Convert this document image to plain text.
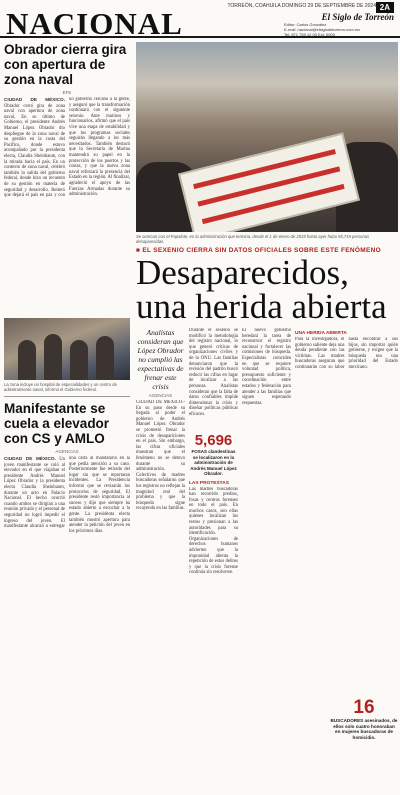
NACIONAL	TORREÓN, COAHUILA DOMINGO 29 DE SEPTIEMBRE DE 2024 2A
El Siglo de Torreón
Editor: Carlos González
E-mail: nacional@elsiglodetorreon.com.mx
Tel: 871 759 12 00 Ext. 0000
Obrador cierra gira con apertura de zona naval
EFE
CIUDAD DE MÉXICO. Obrador cerró gira de zona naval con apertura de zona naval, En su último de Gobierno, el presidente Andrés Manuel López Obrador dio despliegue de la zona naval de su gestión en la costa del Pacífico, donde estuvo acompañado por la presidenta electa, Claudia Sheinbaum, con la mirada hacia el país. En un contexto de zona naval, celebró también la salida del gobierno federal, donde hizo un recuento de su gestión en materia de seguridad y desarrollo. Reiteró que dejará el país en paz y con un gobierno cercano a la gente, y aseguró que la transformación continuará con el siguiente sexenio. Ante marinos y funcionarios, afirmó que el país vive una etapa de estabilidad y que los programas sociales seguirán llegando a los más necesitados. También destacó que la Secretaría de Marina mantendrá su papel en la protección de los puertos y las costas, y que la nueva zona naval reforzará la presencia del Estado en la región. Al finalizar, agradeció el apoyo de las Fuerzas Armadas durante su administración.
La zona incluye un hospital de especialidades y un centro de adiestramiento naval, informó el Gobierno federal.
Manifestante se cuela a elevador con CS y AMLO
AGENCIAS
CIUDAD DE MÉXICO. Un joven manifestante se coló al elevador en el que viajaban el presidente Andrés Manuel López Obrador y la presidenta electa Claudia Sheinbaum, durante un acto en Palacio Nacional. El hecho ocurrió cuando ambos se dirigían a una reunión privada y el personal de seguridad no logró impedir el ingreso del joven. El manifestante alcanzó a entregar una carta al mandatario en la que pedía atención a su caso. Posteriormente fue retirado del lugar sin que se reportaran incidentes. La Presidencia informó que se revisarán los protocolos de seguridad. El presidente restó importancia al suceso y dijo que siempre ha estado abierto a escuchar a la gente. La presidenta electa también mostró apertura para atender la petición del joven en los próximos días.
Se acercan con el Papalote, en la administración que termina, desde el 1 de enero de 2019 hasta ayer hubo 55,719 personas desaparecidas.
■ EL SEXENIO CIERRA SIN DATOS OFICIALES SOBRE ESTE FENÓMENO
Desaparecidos, una herida abierta
Analistas consideran que López Obrador no cumplió las expectativas de frenar este crisis
AGENCIAS
CIUDAD DE MÉXICO.- En su paso desde su llegada al poder el gobierno de Andrés Manuel López Obrador se prometió frenar la crisis de desapariciones en el país. Sin embargo, las cifras oficiales muestran que el fenómeno no se detuvo durante su administración. Colectivos de madres buscadoras señalaron que los registros no reflejan la magnitud real del problema y que la búsqueda sigue recayendo en las familias.
Durante el sexenio se modificó la metodología del registro nacional, lo que generó críticas de organizaciones civiles y de la ONU. Las familias denunciaron que la revisión del padrón buscó reducir las cifras en lugar de localizar a las personas. Analistas consideran que la falta de datos confiables impide dimensionar la crisis y diseñar políticas públicas eficaces.
5,696
FOSAS clandestinas se localizaron en la administración de Andrés Manuel López Obrador.
LAS PROTESTAS
Las madres buscadoras han recorrido predios, fosas y centros forenses en todo el país. En muchos casos, son ellas quienes localizan los restos y presionan a las autoridades para su identificación. Organizaciones de derechos humanos advierten que la impunidad alienta la repetición de estos delitos y que la crisis forense continúa sin resolverse.
El nuevo gobierno heredará la tarea de reconstruir el registro nacional y fortalecer las comisiones de búsqueda. Especialistas coinciden en que se requiere voluntad política, presupuesto suficiente y coordinación entre estados y federación para atender a las familias que siguen esperando respuestas.
UNA HERIDA ABIERTA
Para la investigadora, el gobierno saliente deja una deuda pendiente con las víctimas. Las madres buscadoras aseguran que continuarán con su labor hasta encontrar a sus hijos, sin importar quién gobierne, y exigen que la búsqueda sea una prioridad del Estado mexicano.
16
BUSCADORES asesinados, de ellos solo cuatro honoraban en mujeres buscadoras de homicidio.
